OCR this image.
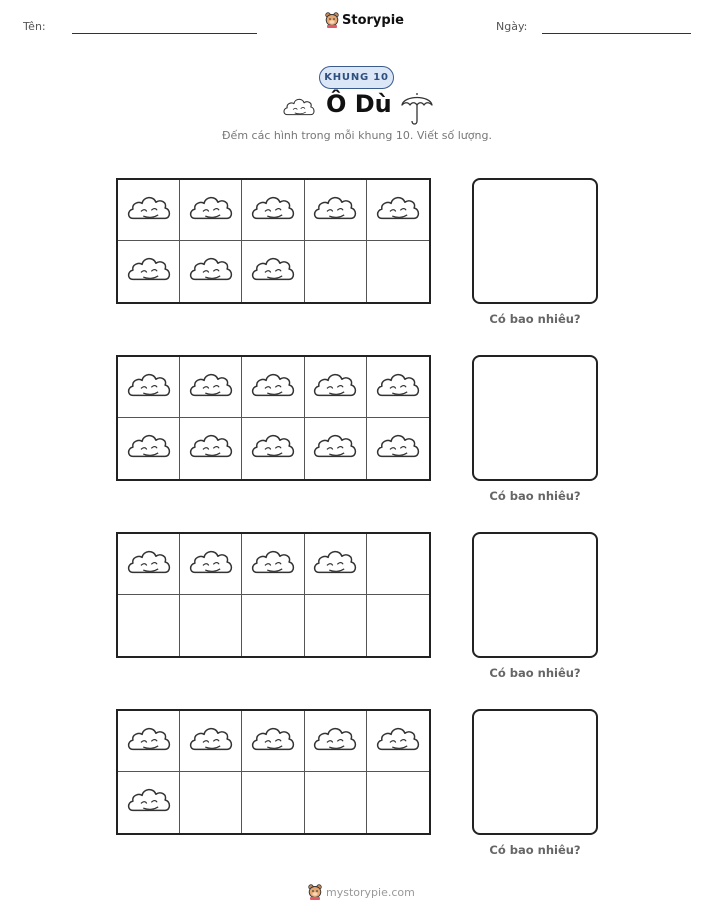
Tên:	Storypie	Ngày:
KHUNG 10
Ô Dù
Đếm các hình trong mỗi khung 10. Viết số lượng.
Có bao nhiêu?
Có bao nhiêu?
Có bao nhiêu?
Có bao nhiêu?
mystorypie.com
